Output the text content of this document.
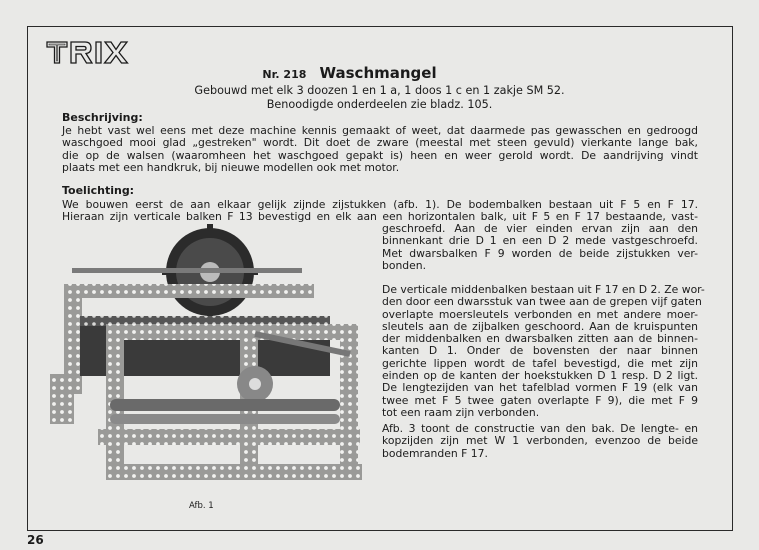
Nr. 218 Waschmangel
Gebouwd met elk 3 doozen 1 en 1 a, 1 doos 1 c en 1 zakje SM 52.
Benoodigde onderdeelen zie bladz. 105.
Beschrijving:
Je hebt vast wel eens met deze machine kennis gemaakt of weet, dat daarmede pas gewasschen en gedroogd
waschgoed mooi glad „gestreken" wordt. Dit doet de zware (meestal met steen gevuld) vierkante lange bak,
die op de walsen (waaromheen het waschgoed gepakt is) heen en weer gerold wordt. De aandrijving vindt
plaats met een handkruk, bij nieuwe modellen ook met motor.
Toelichting:
We bouwen eerst de aan elkaar gelijk zijnde zijstukken (afb. 1). De bodembalken bestaan uit F 5 en F 17.
Hieraan zijn verticale balken F 13 bevestigd en elk aan een horizontalen balk, uit F 5 en F 17 bestaande, vast-
geschroefd. Aan de vier einden ervan zijn aan den
binnenkant drie D 1 en een D 2 mede vastgeschroefd.
Met dwarsbalken F 9 worden de beide zijstukken ver-
bonden.
De verticale middenbalken bestaan uit F 17 en D 2. Ze wor-
den door een dwarsstuk van twee aan de grepen vijf gaten
overlapte moersleutels verbonden en met andere moer-
sleutels aan de zijbalken geschoord. Aan de kruispunten
der middenbalken en dwarsbalken zitten aan de binnen-
kanten D 1. Onder de bovensten der naar binnen
gerichte lippen wordt de tafel bevestigd, die met zijn
einden op de kanten der hoekstukken D 1 resp. D 2 ligt.
De lengtezijden van het tafelblad vormen F 19 (elk van
twee met F 5 twee gaten overlapte F 9), die met F 9
tot een raam zijn verbonden.
Afb. 3 toont de constructie van den bak. De lengte- en
kopzijden zijn met W 1 verbonden, evenzoo de beide
bodemranden F 17.
Afb. 1
26
